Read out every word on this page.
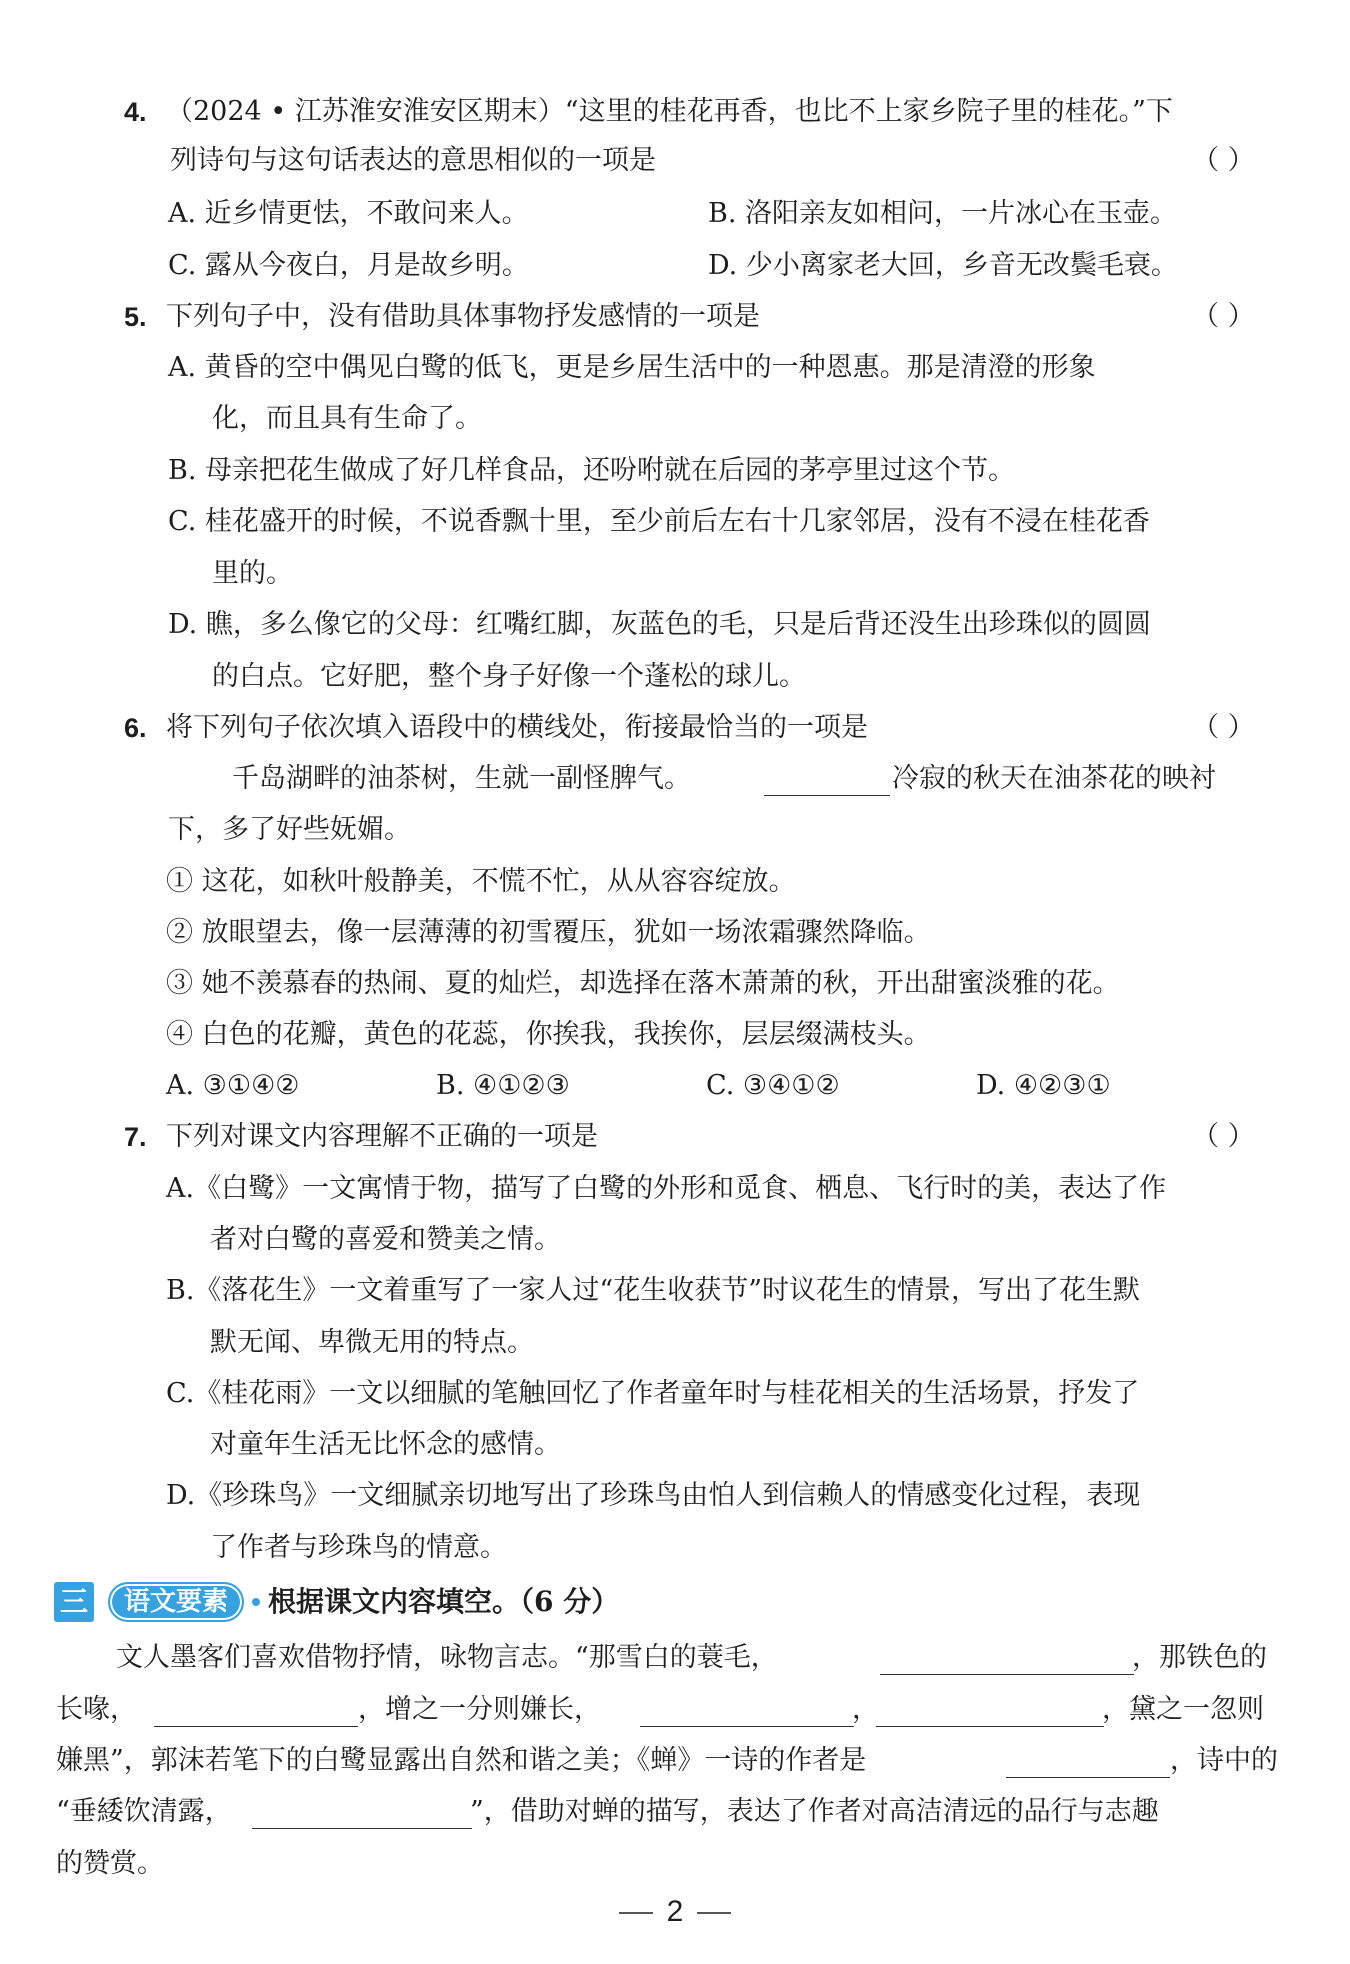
4. （2024 • 江苏淮安淮安区期末）“这里的桂花再香，也比不上家乡院子里的桂花。”下
列诗句与这句话表达的意思相似的一项是	（ ）
A. 近乡情更怯，不敢问来人。	B. 洛阳亲友如相问，一片冰心在玉壶。
C. 露从今夜白，月是故乡明。	D. 少小离家老大回，乡音无改鬓毛衰。
5. 下列句子中，没有借助具体事物抒发感情的一项是	（ ）
A. 黄昏的空中偶见白鹭的低飞，更是乡居生活中的一种恩惠。那是清澄的形象
化，而且具有生命了。
B. 母亲把花生做成了好几样食品，还吩咐就在后园的茅亭里过这个节。
C. 桂花盛开的时候，不说香飘十里，至少前后左右十几家邻居，没有不浸在桂花香
里的。
D. 瞧，多么像它的父母：红嘴红脚，灰蓝色的毛，只是后背还没生出珍珠似的圆圆
的白点。它好肥，整个身子好像一个蓬松的球儿。
6. 将下列句子依次填入语段中的横线处，衔接最恰当的一项是	（ ）
千岛湖畔的油茶树，生就一副怪脾气。	冷寂的秋天在油茶花的映衬
下，多了好些妩媚。
① 这花，如秋叶般静美，不慌不忙，从从容容绽放。
② 放眼望去，像一层薄薄的初雪覆压，犹如一场浓霜骤然降临。
③ 她不羡慕春的热闹、夏的灿烂，却选择在落木萧萧的秋，开出甜蜜淡雅的花。
④ 白色的花瓣，黄色的花蕊，你挨我，我挨你，层层缀满枝头。
A. ③①④②	B. ④①②③	C. ③④①②	D. ④②③①
7. 下列对课文内容理解不正确的一项是	（ ）
A.《白鹭》一文寓情于物，描写了白鹭的外形和觅食、栖息、飞行时的美，表达了作
者对白鹭的喜爱和赞美之情。
B.《落花生》一文着重写了一家人过“花生收获节”时议花生的情景，写出了花生默
默无闻、卑微无用的特点。
C.《桂花雨》一文以细腻的笔触回忆了作者童年时与桂花相关的生活场景，抒发了
对童年生活无比怀念的感情。
D.《珍珠鸟》一文细腻亲切地写出了珍珠鸟由怕人到信赖人的情感变化过程，表现
了作者与珍珠鸟的情意。
三	语文要素	根据课文内容填空。（6 分）
文人墨客们喜欢借物抒情，咏物言志。“那雪白的蓑毛，	，那铁色的
长喙，	，增之一分则嫌长，	，	，黛之一忽则
嫌黑”，郭沫若笔下的白鹭显露出自然和谐之美；《蝉》一诗的作者是	，诗中的
“垂緌饮清露，	”，借助对蝉的描写，表达了作者对高洁清远的品行与志趣
的赞赏。
2
